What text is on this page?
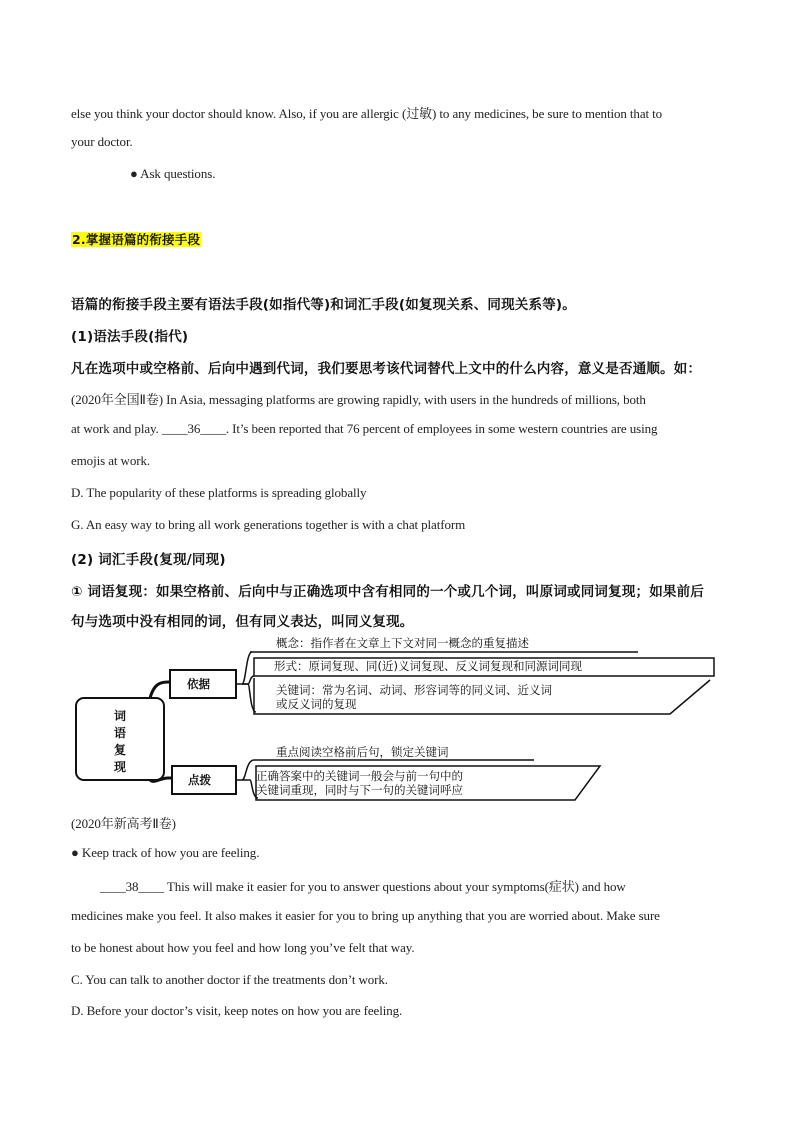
else you think your doctor should know. Also, if you are allergic (过敏) to any medicines, be sure to mention that to
your doctor.
● Ask questions.
2.掌握语篇的衔接手段
语篇的衔接手段主要有语法手段(如指代等)和词汇手段(如复现关系、同现关系等)。
(1)语法手段(指代)
凡在选项中或空格前、后向中遇到代词，我们要思考该代词替代上文中的什么内容，意义是否通顺。如：
(2020年全国Ⅱ卷) In Asia, messaging platforms are growing rapidly, with users in the hundreds of millions, both
at work and play. ____36____. It’s been reported that 76 percent of employees in some western countries are using
emojis at work.
D. The popularity of these platforms is spreading globally
G. An easy way to bring all work generations together is with a chat platform
(2) 词汇手段(复现/同现)
① 词语复现：如果空格前、后向中与正确选项中含有相同的一个或几个词，叫原词或同词复现；如果前后
句与选项中没有相同的词，但有同义表达，叫同义复现。
词
语
复
现
依据
点拨
概念：指作者在文章上下文对同一概念的重复描述
形式：原词复现、同(近)义词复现、反义词复现和同源词同现
关键词：常为名词、动词、形容词等的同义词、近义词
或反义词的复现
重点阅读空格前后句，锁定关键词
正确答案中的关键词一般会与前一句中的
关键词重现，同时与下一句的关键词呼应
(2020年新高考Ⅱ卷)
● Keep track of how you are feeling.
____38____ This will make it easier for you to answer questions about your symptoms(症状) and how
medicines make you feel. It also makes it easier for you to bring up anything that you are worried about. Make sure
to be honest about how you feel and how long you’ve felt that way.
C. You can talk to another doctor if the treatments don’t work.
D. Before your doctor’s visit, keep notes on how you are feeling.
